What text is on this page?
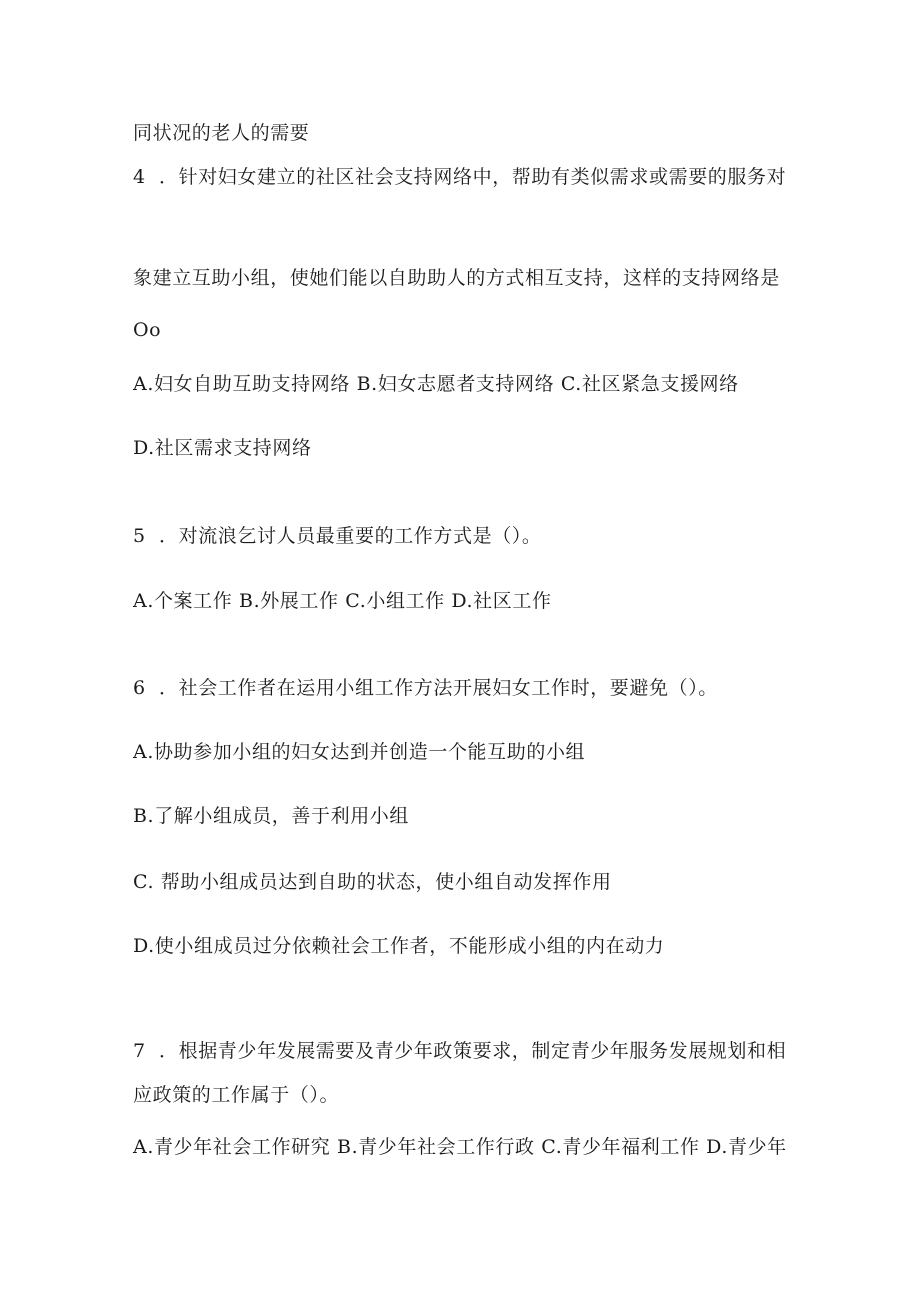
同状况的老人的需要
4 ．针对妇女建立的社区社会支持网络中，帮助有类似需求或需要的服务对
象建立互助小组，使她们能以自助助人的方式相互支持，这样的支持网络是
Oo
A.妇女自助互助支持网络 B.妇女志愿者支持网络 C.社区紧急支援网络
D.社区需求支持网络
5 ．对流浪乞讨人员最重要的工作方式是（）。
A.个案工作 B.外展工作 C.小组工作 D.社区工作
6 ．社会工作者在运用小组工作方法开展妇女工作时，要避免（）。
A.协助参加小组的妇女达到并创造一个能互助的小组
B.了解小组成员，善于利用小组
C. 帮助小组成员达到自助的状态，使小组自动发挥作用
D.使小组成员过分依赖社会工作者，不能形成小组的内在动力
7 ．根据青少年发展需要及青少年政策要求，制定青少年服务发展规划和相
应政策的工作属于（）。
A.青少年社会工作研究 B.青少年社会工作行政 C.青少年福利工作 D.青少年
